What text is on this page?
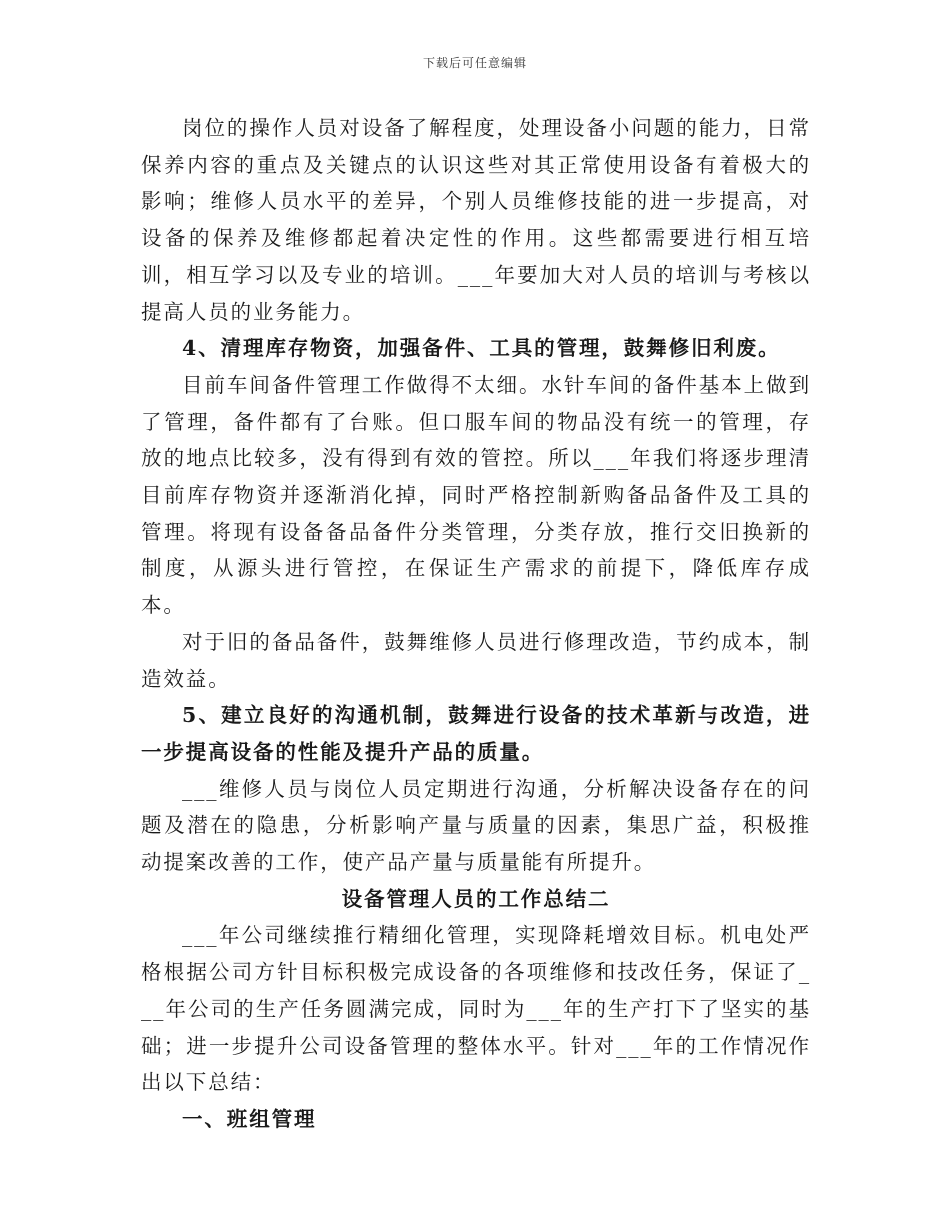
下载后可任意编辑

岗位的操作人员对设备了解程度，处理设备小问题的能力，日常保养内容的重点及关键点的认识这些对其正常使用设备有着极大的影响；维修人员水平的差异，个别人员维修技能的进一步提高，对设备的保养及维修都起着决定性的作用。这些都需要进行相互培训，相互学习以及专业的培训。___年要加大对人员的培训与考核以提高人员的业务能力。

4、清理库存物资，加强备件、工具的管理，鼓舞修旧利废。

目前车间备件管理工作做得不太细。水针车间的备件基本上做到了管理，备件都有了台账。但口服车间的物品没有统一的管理，存放的地点比较多，没有得到有效的管控。所以___年我们将逐步理清目前库存物资并逐渐消化掉，同时严格控制新购备品备件及工具的管理。将现有设备备品备件分类管理，分类存放，推行交旧换新的制度，从源头进行管控，在保证生产需求的前提下，降低库存成本。

对于旧的备品备件，鼓舞维修人员进行修理改造，节约成本，制造效益。

5、建立良好的沟通机制，鼓舞进行设备的技术革新与改造，进一步提高设备的性能及提升产品的质量。

___维修人员与岗位人员定期进行沟通，分析解决设备存在的问题及潜在的隐患，分析影响产量与质量的因素，集思广益，积极推动提案改善的工作，使产品产量与质量能有所提升。

设备管理人员的工作总结二

___年公司继续推行精细化管理，实现降耗增效目标。机电处严格根据公司方针目标积极完成设备的各项维修和技改任务，保证了___年公司的生产任务圆满完成，同时为___年的生产打下了坚实的基础；进一步提升公司设备管理的整体水平。针对___年的工作情况作出以下总结：

一、班组管理
